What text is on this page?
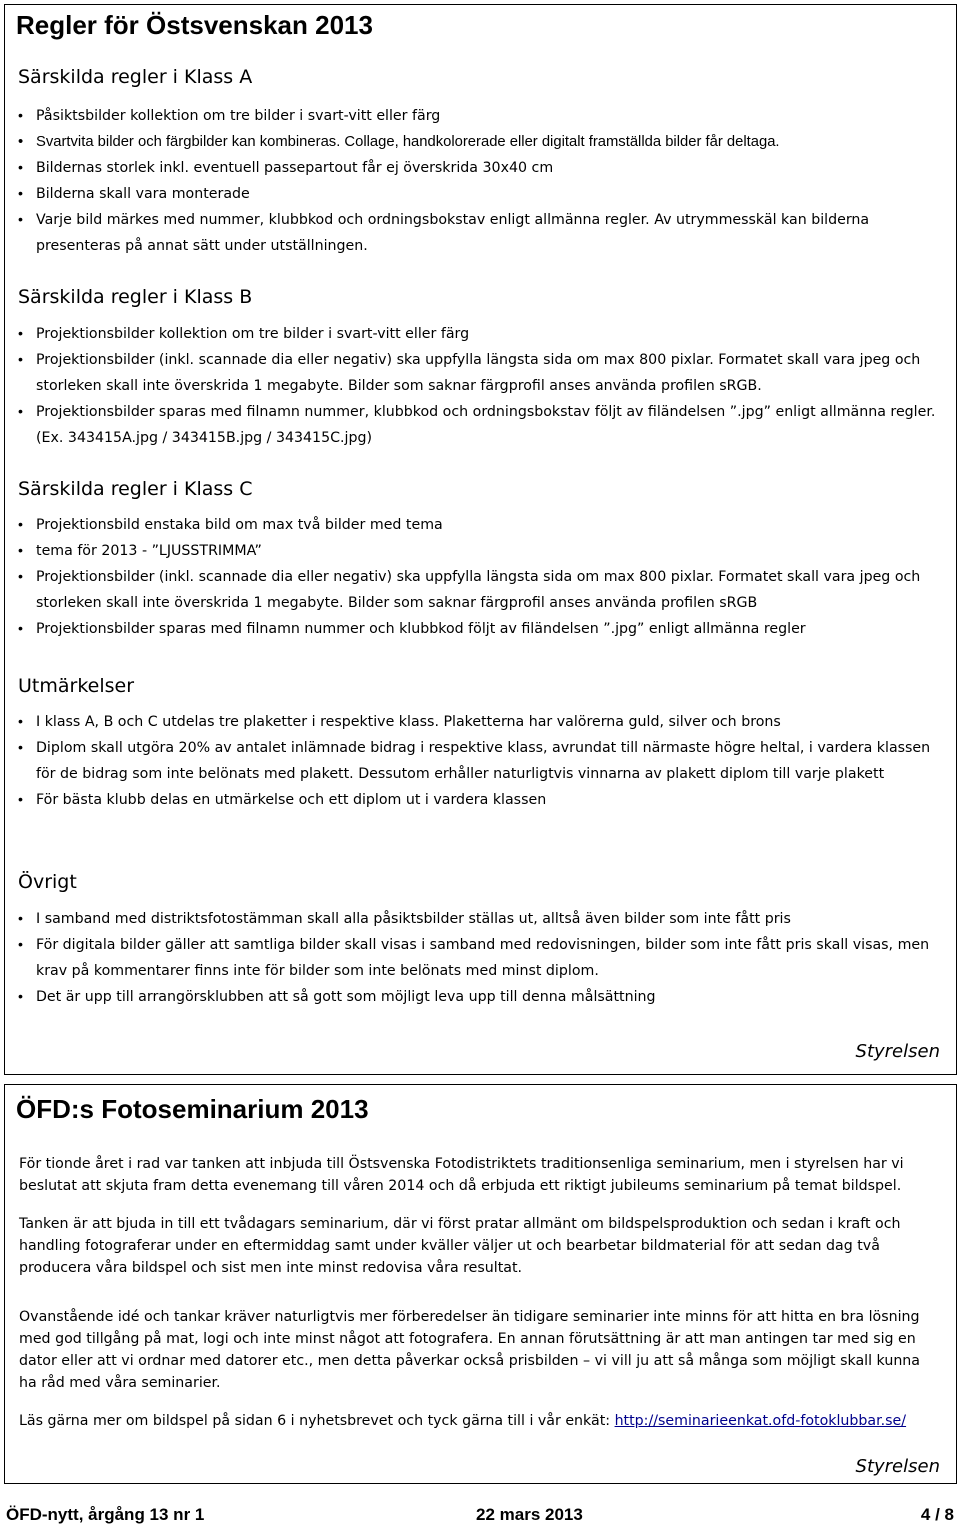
Regler för Östsvenskan 2013
Särskilda regler i Klass A
• Påsiktsbilder kollektion om tre bilder i svart-vitt eller färg
• Svartvita bilder och färgbilder kan kombineras. Collage, handkolorerade eller digitalt framställda bilder får deltaga.
• Bildernas storlek inkl. eventuell passepartout får ej överskrida 30x40 cm
• Bilderna skall vara monterade
• Varje bild märkes med nummer, klubbkod och ordningsbokstav enligt allmänna regler. Av utrymmesskäl kan bilderna presenteras på annat sätt under utställningen.
Särskilda regler i Klass B
• Projektionsbilder kollektion om tre bilder i svart-vitt eller färg
• Projektionsbilder (inkl. scannade dia eller negativ) ska uppfylla längsta sida om max 800 pixlar. Formatet skall vara jpeg och storleken skall inte överskrida 1 megabyte. Bilder som saknar färgprofil anses använda profilen sRGB.
• Projektionsbilder sparas med filnamn nummer, klubbkod och ordningsbokstav följt av filändelsen ”.jpg” enligt allmänna regler. (Ex. 343415A.jpg / 343415B.jpg / 343415C.jpg)
Särskilda regler i Klass C
• Projektionsbild enstaka bild om max två bilder med tema
• tema för 2013 - ”LJUSSTRIMMA”
• Projektionsbilder (inkl. scannade dia eller negativ) ska uppfylla längsta sida om max 800 pixlar. Formatet skall vara jpeg och storleken skall inte överskrida 1 megabyte. Bilder som saknar färgprofil anses använda profilen sRGB
• Projektionsbilder sparas med filnamn nummer och klubbkod följt av filändelsen ”.jpg” enligt allmänna regler
Utmärkelser
• I klass A, B och C utdelas tre plaketter i respektive klass. Plaketterna har valörerna guld, silver och brons
• Diplom skall utgöra 20% av antalet inlämnade bidrag i respektive klass, avrundat till närmaste högre heltal, i vardera klassen för de bidrag som inte belönats med plakett. Dessutom erhåller naturligtvis vinnarna av plakett diplom till varje plakett
• För bästa klubb delas en utmärkelse och ett diplom ut i vardera klassen
Övrigt
• I samband med distriktsfotostämman skall alla påsiktsbilder ställas ut, alltså även bilder som inte fått pris
• För digitala bilder gäller att samtliga bilder skall visas i samband med redovisningen, bilder som inte fått pris skall visas, men krav på kommentarer finns inte för bilder som inte belönats med minst diplom.
• Det är upp till arrangörsklubben att så gott som möjligt leva upp till denna målsättning
Styrelsen
ÖFD:s Fotoseminarium 2013

För tionde året i rad var tanken att inbjuda till Östsvenska Fotodistriktets traditionsenliga seminarium, men i styrelsen har vi beslutat att skjuta fram detta evenemang till våren 2014 och då erbjuda ett riktigt jubileums seminarium på temat bildspel.

Tanken är att bjuda in till ett tvådagars seminarium, där vi först pratar allmänt om bildspelsproduktion och sedan i kraft och handling fotograferar under en eftermiddag samt under kväller väljer ut och bearbetar bildmaterial för att sedan dag två producera våra bildspel och sist men inte minst redovisa våra resultat.

Ovanstående idé och tankar kräver naturligtvis mer förberedelser än tidigare seminarier inte minns för att hitta en bra lösning med god tillgång på mat, logi och inte minst något att fotografera. En annan förutsättning är att man antingen tar med sig en dator eller att vi ordnar med datorer etc., men detta påverkar också prisbilden – vi vill ju att så många som möjligt skall kunna ha råd med våra seminarier.

Läs gärna mer om bildspel på sidan 6 i nyhetsbrevet och tyck gärna till i vår enkät: http://seminarieenkat.ofd-fotoklubbar.se/

Styrelsen
ÖFD-nytt, årgång 13 nr 1	22 mars 2013	4 / 8
